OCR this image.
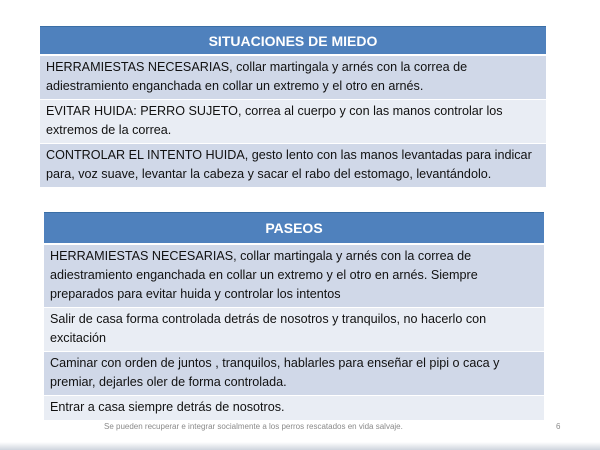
SITUACIONES DE MIEDO
HERRAMIESTAS NECESARIAS, collar martingala y arnés con la correa de adiestramiento enganchada en collar un extremo y el otro en arnés.
EVITAR HUIDA: PERRO SUJETO, correa al cuerpo y con las manos controlar los extremos de la correa.
CONTROLAR EL INTENTO HUIDA, gesto lento con las manos levantadas para indicar para, voz suave, levantar la cabeza y sacar el rabo del estomago, levantándolo.
PASEOS
HERRAMIESTAS NECESARIAS, collar martingala y arnés con la correa de adiestramiento enganchada en collar un extremo y el otro en arnés. Siempre preparados para evitar huida y controlar los intentos
Salir de casa forma controlada detrás de nosotros y tranquilos, no hacerlo con excitación
Caminar con orden de juntos , tranquilos, hablarles para enseñar el pipi o caca y premiar, dejarles oler de forma controlada.
Entrar a casa siempre detrás de nosotros.
Se pueden recuperar e integrar socialmente a los perros rescatados en vida salvaje.	6
